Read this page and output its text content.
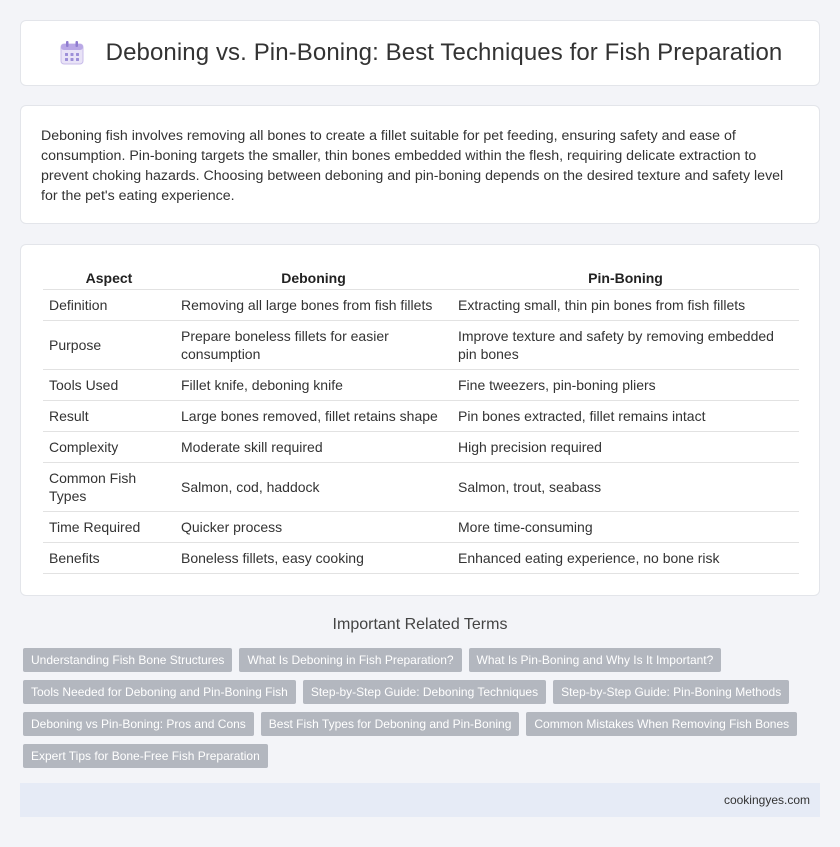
Deboning vs. Pin-Boning: Best Techniques for Fish Preparation

Deboning fish involves removing all bones to create a fillet suitable for pet feeding, ensuring safety and ease of consumption. Pin-boning targets the smaller, thin bones embedded within the flesh, requiring delicate extraction to prevent choking hazards. Choosing between deboning and pin-boning depends on the desired texture and safety level for the pet's eating experience.

Aspect	Deboning	Pin-Boning
Definition	Removing all large bones from fish fillets	Extracting small, thin pin bones from fish fillets
Purpose	Prepare boneless fillets for easier consumption	Improve texture and safety by removing embedded pin bones
Tools Used	Fillet knife, deboning knife	Fine tweezers, pin-boning pliers
Result	Large bones removed, fillet retains shape	Pin bones extracted, fillet remains intact
Complexity	Moderate skill required	High precision required
Common Fish Types	Salmon, cod, haddock	Salmon, trout, seabass
Time Required	Quicker process	More time-consuming
Benefits	Boneless fillets, easy cooking	Enhanced eating experience, no bone risk
Important Related Terms
Understanding Fish Bone Structures	What Is Deboning in Fish Preparation?	What Is Pin-Boning and Why Is It Important?
Tools Needed for Deboning and Pin-Boning Fish	Step-by-Step Guide: Deboning Techniques	Step-by-Step Guide: Pin-Boning Methods
Deboning vs Pin-Boning: Pros and Cons	Best Fish Types for Deboning and Pin-Boning	Common Mistakes When Removing Fish Bones
Expert Tips for Bone-Free Fish Preparation
cookingyes.com
